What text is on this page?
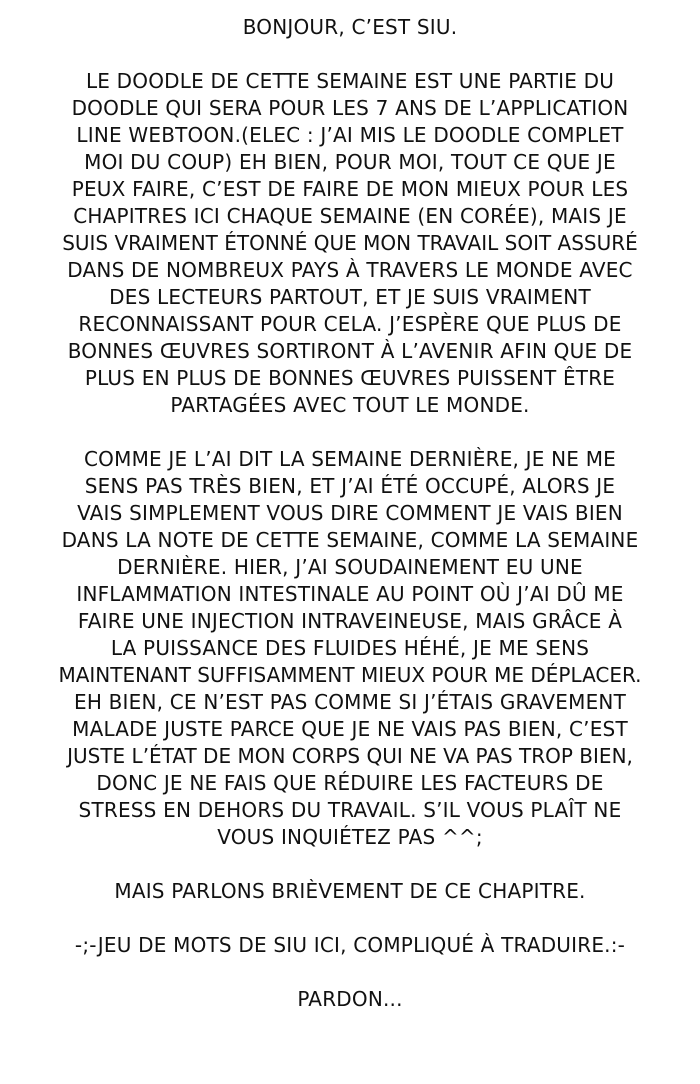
BONJOUR, C’EST SIU.
LE DOODLE DE CETTE SEMAINE EST UNE PARTIE DU
DOODLE QUI SERA POUR LES 7 ANS DE L’APPLICATION
LINE WEBTOON.(ELEC : J’AI MIS LE DOODLE COMPLET
MOI DU COUP) EH BIEN, POUR MOI, TOUT CE QUE JE
PEUX FAIRE, C’EST DE FAIRE DE MON MIEUX POUR LES
CHAPITRES ICI CHAQUE SEMAINE (EN CORÉE), MAIS JE
SUIS VRAIMENT ÉTONNÉ QUE MON TRAVAIL SOIT ASSURÉ
DANS DE NOMBREUX PAYS À TRAVERS LE MONDE AVEC
DES LECTEURS PARTOUT, ET JE SUIS VRAIMENT
RECONNAISSANT POUR CELA. J’ESPÈRE QUE PLUS DE
BONNES ŒUVRES SORTIRONT À L’AVENIR AFIN QUE DE
PLUS EN PLUS DE BONNES ŒUVRES PUISSENT ÊTRE
PARTAGÉES AVEC TOUT LE MONDE.
COMME JE L’AI DIT LA SEMAINE DERNIÈRE, JE NE ME
SENS PAS TRÈS BIEN, ET J’AI ÉTÉ OCCUPÉ, ALORS JE
VAIS SIMPLEMENT VOUS DIRE COMMENT JE VAIS BIEN
DANS LA NOTE DE CETTE SEMAINE, COMME LA SEMAINE
DERNIÈRE. HIER, J’AI SOUDAINEMENT EU UNE
INFLAMMATION INTESTINALE AU POINT OÙ J’AI DÛ ME
FAIRE UNE INJECTION INTRAVEINEUSE, MAIS GRÂCE À
LA PUISSANCE DES FLUIDES HÉHÉ, JE ME SENS
MAINTENANT SUFFISAMMENT MIEUX POUR ME DÉPLACER.
EH BIEN, CE N’EST PAS COMME SI J’ÉTAIS GRAVEMENT
MALADE JUSTE PARCE QUE JE NE VAIS PAS BIEN, C’EST
JUSTE L’ÉTAT DE MON CORPS QUI NE VA PAS TROP BIEN,
DONC JE NE FAIS QUE RÉDUIRE LES FACTEURS DE
STRESS EN DEHORS DU TRAVAIL. S’IL VOUS PLAÎT NE
VOUS INQUIÉTEZ PAS ^^;
MAIS PARLONS BRIÈVEMENT DE CE CHAPITRE.
-;-JEU DE MOTS DE SIU ICI, COMPLIQUÉ À TRADUIRE.:-
PARDON...
